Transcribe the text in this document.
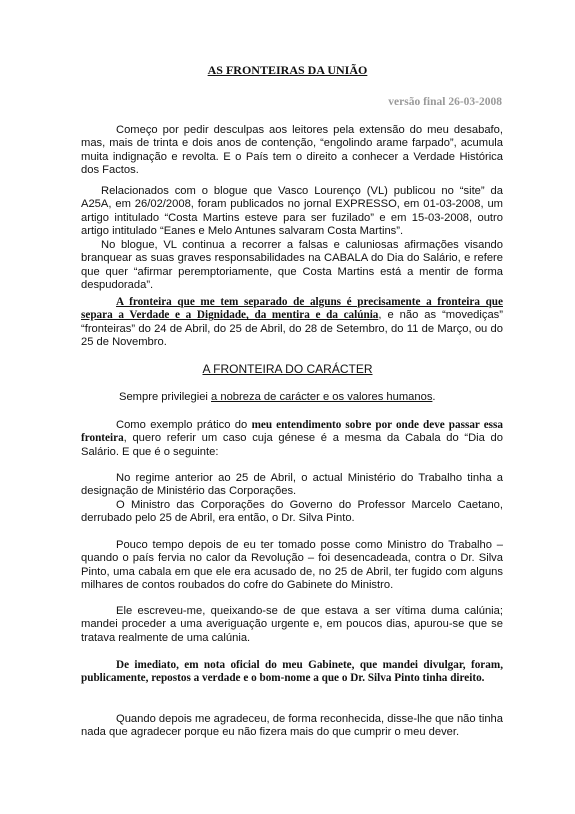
AS FRONTEIRAS DA UNIÃO
versão final 26-03-2008

Começo por pedir desculpas aos leitores pela extensão do meu desabafo, mas, mais de trinta e dois anos de contenção, “engolindo arame farpado”, acumula muita indignação e revolta. E o País tem o direito a conhecer a Verdade Histórica dos Factos.

Relacionados com o blogue que Vasco Lourenço (VL) publicou no “site” da A25A, em 26/02/2008, foram publicados no jornal EXPRESSO, em 01-03-2008, um artigo intitulado “Costa Martins esteve para ser fuzilado” e em 15-03-2008, outro artigo intitulado “Eanes e Melo Antunes salvaram Costa Martins”.

No blogue, VL continua a recorrer a falsas e caluniosas afirmações visando branquear as suas graves responsabilidades na CABALA do Dia do Salário, e refere que quer “afirmar peremptoriamente, que Costa Martins está a mentir de forma despudorada”.

A fronteira que me tem separado de alguns é precisamente a fronteira que separa a Verdade e a Dignidade, da mentira e da calúnia, e não as “movediças” “fronteiras” do 24 de Abril, do 25 de Abril, do 28 de Setembro, do 11 de Março, ou do 25 de Novembro.

A FRONTEIRA DO CARÁCTER

Sempre privilegiei a nobreza de carácter e os valores humanos.

Como exemplo prático do meu entendimento sobre por onde deve passar essa fronteira, quero referir um caso cuja génese é a mesma da Cabala do “Dia do Salário. E que é o seguinte:

No regime anterior ao 25 de Abril, o actual Ministério do Trabalho tinha a designação de Ministério das Corporações.

O Ministro das Corporações do Governo do Professor Marcelo Caetano, derrubado pelo 25 de Abril, era então, o Dr. Silva Pinto.

Pouco tempo depois de eu ter tomado posse como Ministro do Trabalho – quando o país fervia no calor da Revolução – foi desencadeada, contra o Dr. Silva Pinto, uma cabala em que ele era acusado de, no 25 de Abril, ter fugido com alguns milhares de contos roubados do cofre do Gabinete do Ministro.

Ele escreveu-me, queixando-se de que estava a ser vítima duma calúnia; mandei proceder a uma averiguação urgente e, em poucos dias, apurou-se que se tratava realmente de uma calúnia.

De imediato, em nota oficial do meu Gabinete, que mandei divulgar, foram, publicamente, repostos a verdade e o bom-nome a que o Dr. Silva Pinto tinha direito.

Quando depois me agradeceu, de forma reconhecida, disse-lhe que não tinha nada que agradecer porque eu não fizera mais do que cumprir o meu dever.
